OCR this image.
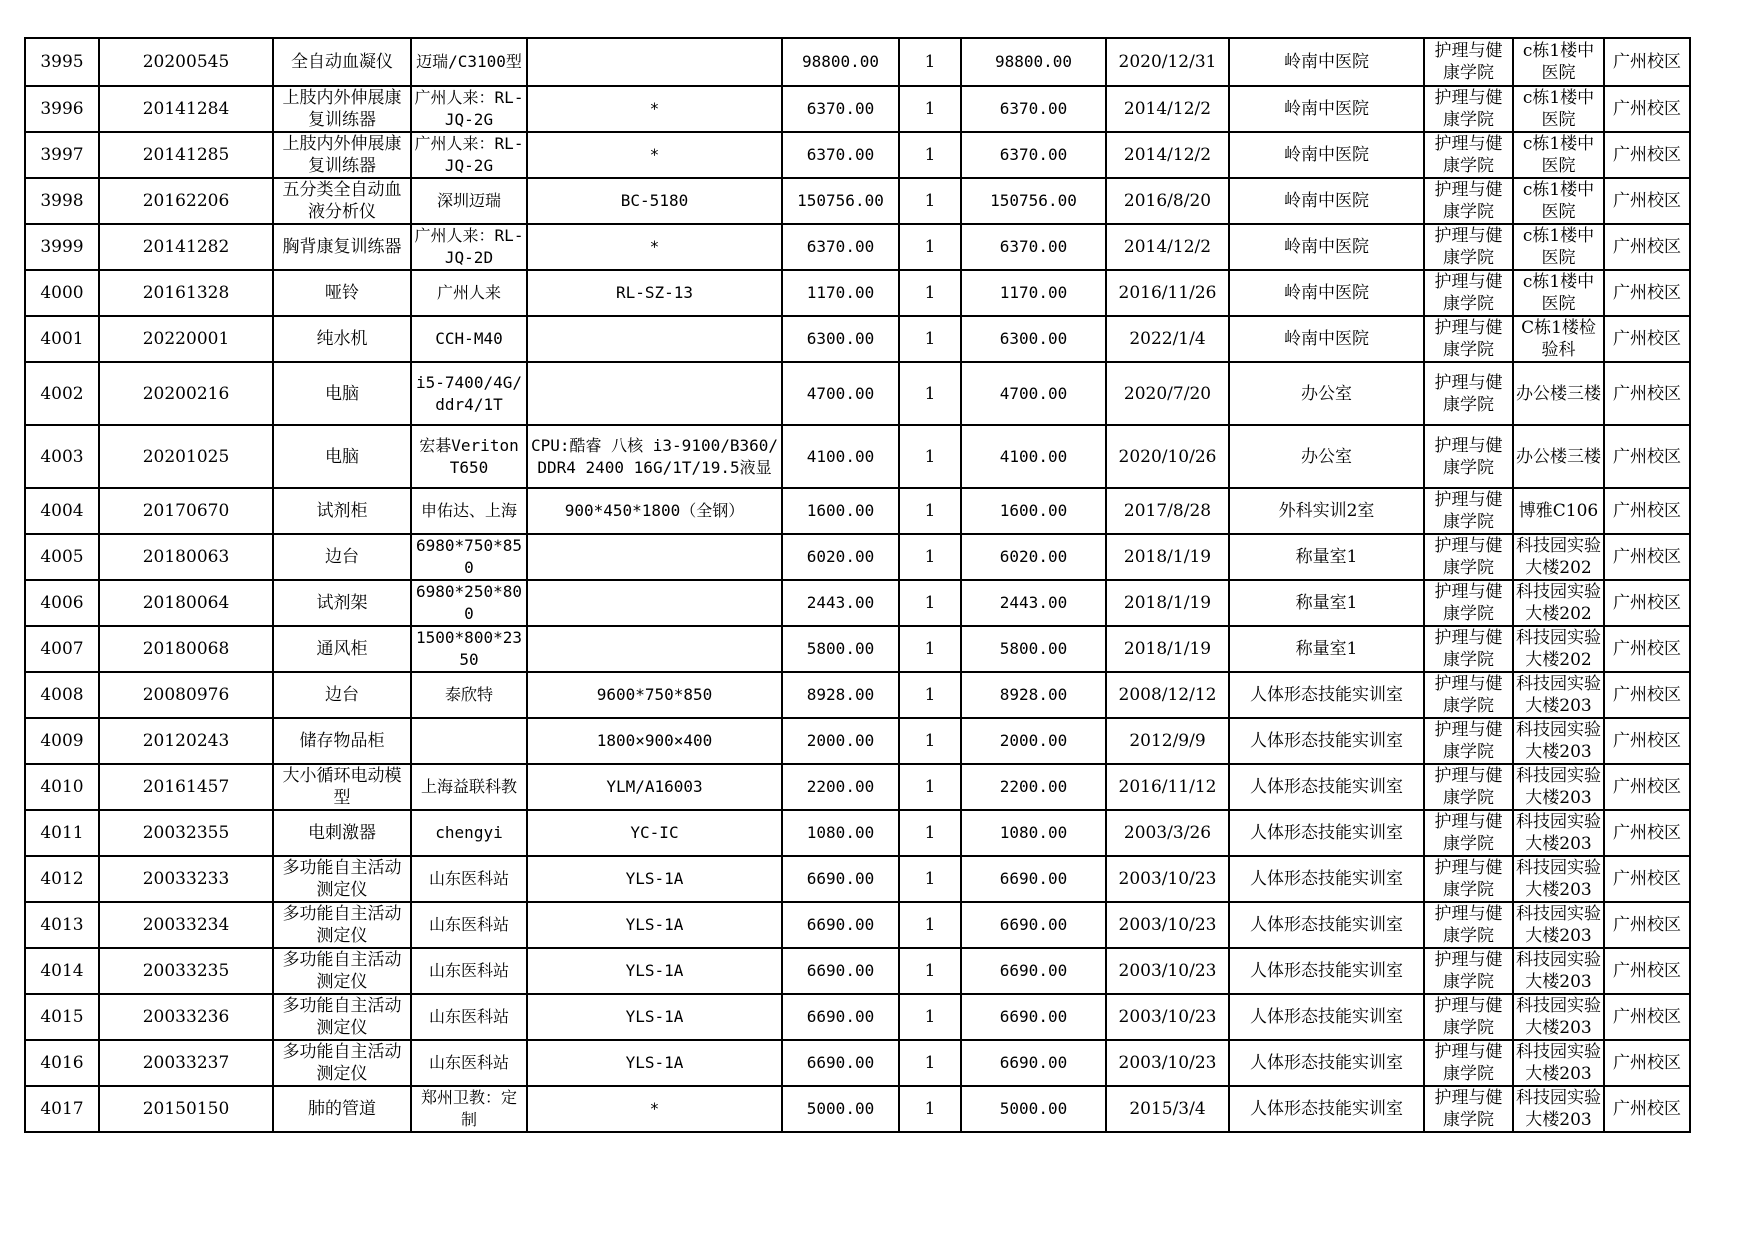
3995	20200545	全自动血凝仪	迈瑞/C3100型		98800.00	1	98800.00	2020/12/31	岭南中医院	护理与健康学院	c栋1楼中医院	广州校区
3996	20141284	上肢内外伸展康复训练器	广州人来：RL-JQ-2G	*	6370.00	1	6370.00	2014/12/2	岭南中医院	护理与健康学院	c栋1楼中医院	广州校区
3997	20141285	上肢内外伸展康复训练器	广州人来：RL-JQ-2G	*	6370.00	1	6370.00	2014/12/2	岭南中医院	护理与健康学院	c栋1楼中医院	广州校区
3998	20162206	五分类全自动血液分析仪	深圳迈瑞	BC-5180	150756.00	1	150756.00	2016/8/20	岭南中医院	护理与健康学院	c栋1楼中医院	广州校区
3999	20141282	胸背康复训练器	广州人来：RL-JQ-2D	*	6370.00	1	6370.00	2014/12/2	岭南中医院	护理与健康学院	c栋1楼中医院	广州校区
4000	20161328	哑铃	广州人来	RL-SZ-13	1170.00	1	1170.00	2016/11/26	岭南中医院	护理与健康学院	c栋1楼中医院	广州校区
4001	20220001	纯水机	CCH-M40		6300.00	1	6300.00	2022/1/4	岭南中医院	护理与健康学院	C栋1楼检验科	广州校区
4002	20200216	电脑	i5-7400/4G/ddr4/1T		4700.00	1	4700.00	2020/7/20	办公室	护理与健康学院	办公楼三楼	广州校区
4003	20201025	电脑	宏碁Veriton T650	CPU:酷睿 八核 i3-9100/B360/DDR4 2400 16G/1T/19.5液显	4100.00	1	4100.00	2020/10/26	办公室	护理与健康学院	办公楼三楼	广州校区
4004	20170670	试剂柜	申佑达、上海	900*450*1800（全钢）	1600.00	1	1600.00	2017/8/28	外科实训2室	护理与健康学院	博雅C106	广州校区
4005	20180063	边台	6980*750*850		6020.00	1	6020.00	2018/1/19	称量室1	护理与健康学院	科技园实验大楼202	广州校区
4006	20180064	试剂架	6980*250*800		2443.00	1	2443.00	2018/1/19	称量室1	护理与健康学院	科技园实验大楼202	广州校区
4007	20180068	通风柜	1500*800*2350		5800.00	1	5800.00	2018/1/19	称量室1	护理与健康学院	科技园实验大楼202	广州校区
4008	20080976	边台	泰欣特	9600*750*850	8928.00	1	8928.00	2008/12/12	人体形态技能实训室	护理与健康学院	科技园实验大楼203	广州校区
4009	20120243	储存物品柜		1800×900×400	2000.00	1	2000.00	2012/9/9	人体形态技能实训室	护理与健康学院	科技园实验大楼203	广州校区
4010	20161457	大小循环电动模型	上海益联科教	YLM/A16003	2200.00	1	2200.00	2016/11/12	人体形态技能实训室	护理与健康学院	科技园实验大楼203	广州校区
4011	20032355	电刺激器	chengyi	YC-IC	1080.00	1	1080.00	2003/3/26	人体形态技能实训室	护理与健康学院	科技园实验大楼203	广州校区
4012	20033233	多功能自主活动测定仪	山东医科站	YLS-1A	6690.00	1	6690.00	2003/10/23	人体形态技能实训室	护理与健康学院	科技园实验大楼203	广州校区
4013	20033234	多功能自主活动测定仪	山东医科站	YLS-1A	6690.00	1	6690.00	2003/10/23	人体形态技能实训室	护理与健康学院	科技园实验大楼203	广州校区
4014	20033235	多功能自主活动测定仪	山东医科站	YLS-1A	6690.00	1	6690.00	2003/10/23	人体形态技能实训室	护理与健康学院	科技园实验大楼203	广州校区
4015	20033236	多功能自主活动测定仪	山东医科站	YLS-1A	6690.00	1	6690.00	2003/10/23	人体形态技能实训室	护理与健康学院	科技园实验大楼203	广州校区
4016	20033237	多功能自主活动测定仪	山东医科站	YLS-1A	6690.00	1	6690.00	2003/10/23	人体形态技能实训室	护理与健康学院	科技园实验大楼203	广州校区
4017	20150150	肺的管道	郑州卫教：定制	*	5000.00	1	5000.00	2015/3/4	人体形态技能实训室	护理与健康学院	科技园实验大楼203	广州校区
